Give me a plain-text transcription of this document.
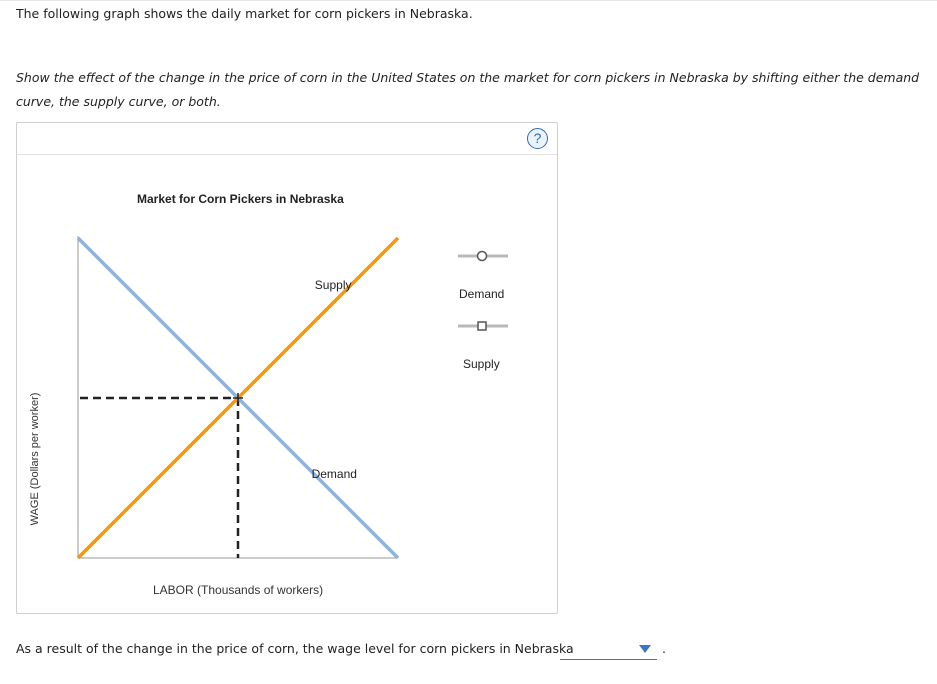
The following graph shows the daily market for corn pickers in Nebraska.
Show the effect of the change in the price of corn in the United States on the market for corn pickers in Nebraska by shifting either the demand curve, the supply curve, or both.
?
Market for Corn Pickers in Nebraska
WAGE (Dollars per worker)
LABOR (Thousands of workers)
Supply
Demand
Demand
Supply
As a result of the change in the price of corn, the wage level for corn pickers in Nebraska	.
